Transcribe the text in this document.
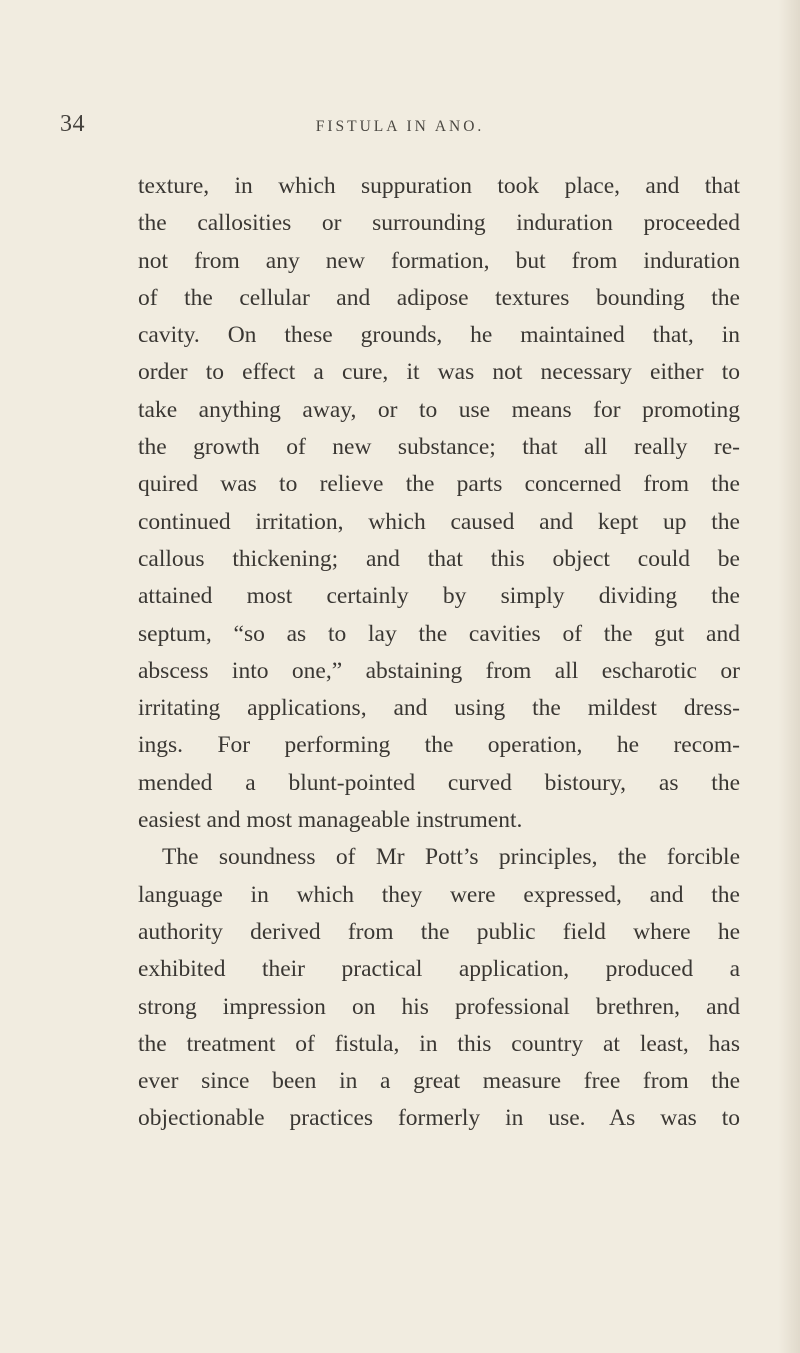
34	FISTULA IN ANO.
texture, in which suppuration took place, and that
the callosities or surrounding induration proceeded
not from any new formation, but from induration
of the cellular and adipose textures bounding the
cavity. On these grounds, he maintained that, in
order to effect a cure, it was not necessary either to
take anything away, or to use means for promoting
the growth of new substance; that all really re-
quired was to relieve the parts concerned from the
continued irritation, which caused and kept up the
callous thickening; and that this object could be
attained most certainly by simply dividing the
septum, “so as to lay the cavities of the gut and
abscess into one,” abstaining from all escharotic or
irritating applications, and using the mildest dress-
ings. For performing the operation, he recom-
mended a blunt-pointed curved bistoury, as the
easiest and most manageable instrument.
The soundness of Mr Pott’s principles, the forcible
language in which they were expressed, and the
authority derived from the public field where he
exhibited their practical application, produced a
strong impression on his professional brethren, and
the treatment of fistula, in this country at least, has
ever since been in a great measure free from the
objectionable practices formerly in use. As was to
